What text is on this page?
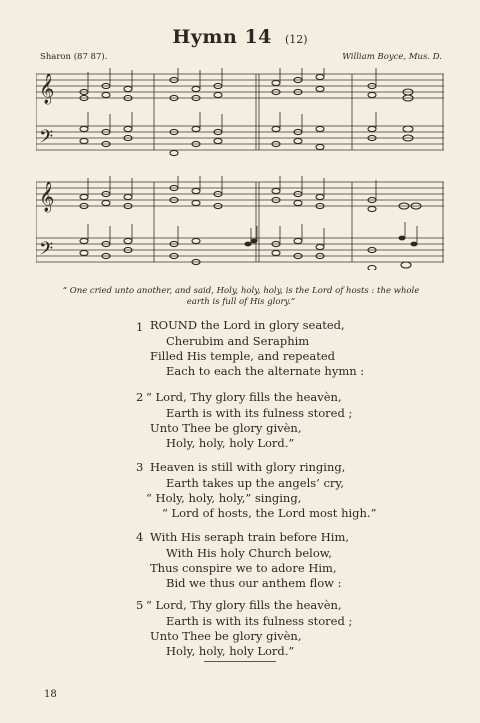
Hymn 14 (12)
Sharon (87 87).	William Boyce, Mus. D.
𝄞
𝄢
𝄞
𝄢
“ One cried unto another, and said, Holy, holy, holy, is the Lord of hosts : the whole earth is full of His glory.”
1 ROUND the Lord in glory seated,
Cherubim and Seraphim
Filled His temple, and repeated
Each to each the alternate hymn :
2 “ Lord, Thy glory fills the heavèn,
Earth is with its fulness stored ;
Unto Thee be glory givèn,
Holy, holy, holy Lord.”
3 Heaven is still with glory ringing,
Earth takes up the angels’ cry,
“ Holy, holy, holy,” singing,
“ Lord of hosts, the Lord most high.”
4 With His seraph train before Him,
With His holy Church below,
Thus conspire we to adore Him,
Bid we thus our anthem flow :
5 “ Lord, Thy glory fills the heavèn,
Earth is with its fulness stored ;
Unto Thee be glory givèn,
Holy, holy, holy Lord.”
18
